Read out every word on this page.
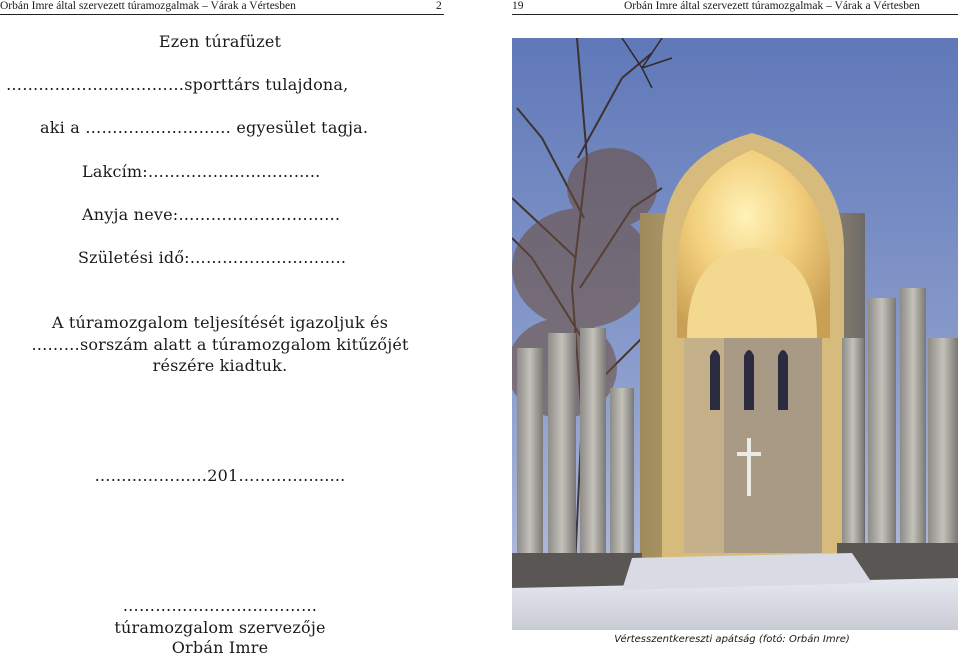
Orbán Imre által szervezett túramozgalmak – Várak a Vértesben	2
Ezen túrafüzet
……………………………sporttárs tulajdona,
aki a ……………………… egyesület tagja.
Lakcím:…………………………..
Anyja neve:…………………………
Születési idő:………………………..
A túramozgalom teljesítését igazoljuk és
………sorszám alatt a túramozgalom kitűzőjét
részére kiadtuk.
…......…………201…………........
………………………………
túramozgalom szervezője
Orbán Imre
19	Orbán Imre által szervezett túramozgalmak – Várak a Vértesben
Vértesszentkereszti apátság (fotó: Orbán Imre)
